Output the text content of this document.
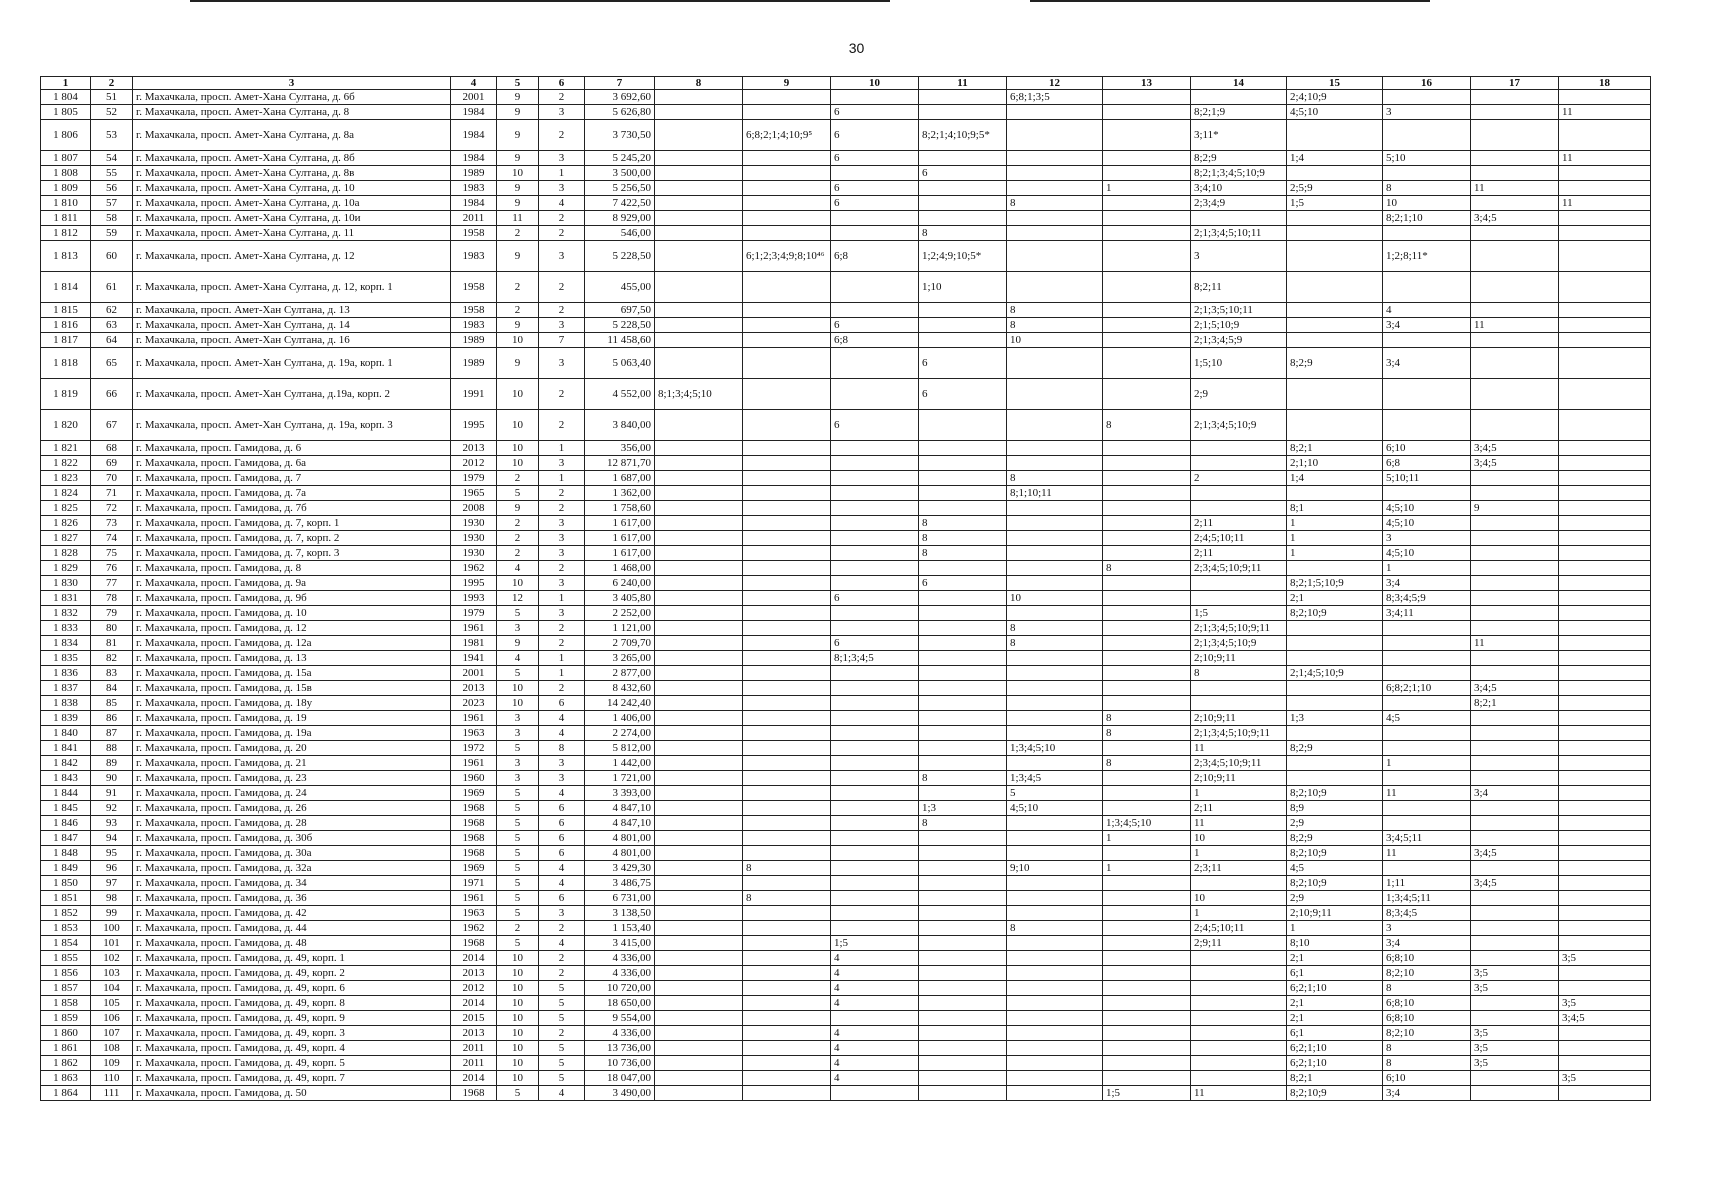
30
1	2	3	4	5	6	7	8	9	10	11	12	13	14	15	16	17	18
1 804	51	г. Махачкала, просп. Амет-Хана Султана, д. 6б	2001	9	2	3 692,60					6;8;1;3;5			2;4;10;9			
1 805	52	г. Махачкала, просп. Амет-Хана Султана, д. 8	1984	9	3	5 626,80			6				8;2;1;9	4;5;10	3		11
1 806	53	г. Махачкала, просп. Амет-Хана Султана, д. 8а	1984	9	2	3 730,50		6;8;2;1;4;10;9⁵	6	8;2;1;4;10;9;5*			3;11*				
1 807	54	г. Махачкала, просп. Амет-Хана Султана, д. 8б	1984	9	3	5 245,20			6				8;2;9	1;4	5;10		11
1 808	55	г. Махачкала, просп. Амет-Хана Султана, д. 8в	1989	10	1	3 500,00				6			8;2;1;3;4;5;10;9				
1 809	56	г. Махачкала, просп. Амет-Хана Султана, д. 10	1983	9	3	5 256,50			6			1	3;4;10	2;5;9	8	11	
1 810	57	г. Махачкала, просп. Амет-Хана Султана, д. 10а	1984	9	4	7 422,50			6		8		2;3;4;9	1;5	10		11
1 811	58	г. Махачкала, просп. Амет-Хана Султана, д. 10и	2011	11	2	8 929,00									8;2;1;10	3;4;5	
1 812	59	г. Махачкала, просп. Амет-Хана Султана, д. 11	1958	2	2	546,00				8			2;1;3;4;5;10;11				
1 813	60	г. Махачкала, просп. Амет-Хана Султана, д. 12	1983	9	3	5 228,50		6;1;2;3;4;9;8;10⁴⁶	6;8	1;2;4;9;10;5*			3		1;2;8;11*		
1 814	61	г. Махачкала, просп. Амет-Хана Султана, д. 12, корп. 1	1958	2	2	455,00				1;10			8;2;11				
1 815	62	г. Махачкала, просп. Амет-Хан Султана, д. 13	1958	2	2	697,50					8		2;1;3;5;10;11		4		
1 816	63	г. Махачкала, просп. Амет-Хан Султана, д. 14	1983	9	3	5 228,50			6		8		2;1;5;10;9		3;4	11	
1 817	64	г. Махачкала, просп. Амет-Хан Султана, д. 16	1989	10	7	11 458,60			6;8		10		2;1;3;4;5;9				
1 818	65	г. Махачкала, просп. Амет-Хан Султана, д. 19а, корп. 1	1989	9	3	5 063,40				6			1;5;10	8;2;9	3;4		
1 819	66	г. Махачкала, просп. Амет-Хан Султана, д.19а, корп. 2	1991	10	2	4 552,00	8;1;3;4;5;10			6			2;9				
1 820	67	г. Махачкала, просп. Амет-Хан Султана, д. 19а, корп. 3	1995	10	2	3 840,00			6			8	2;1;3;4;5;10;9				
1 821	68	г. Махачкала, просп. Гамидова, д. 6	2013	10	1	356,00								8;2;1	6;10	3;4;5	
1 822	69	г. Махачкала, просп. Гамидова, д. 6а	2012	10	3	12 871,70								2;1;10	6;8	3;4;5	
1 823	70	г. Махачкала, просп. Гамидова, д. 7	1979	2	1	1 687,00					8		2	1;4	5;10;11		
1 824	71	г. Махачкала, просп. Гамидова, д. 7а	1965	5	2	1 362,00					8;1;10;11						
1 825	72	г. Махачкала, просп. Гамидова, д. 7б	2008	9	2	1 758,60								8;1	4;5;10	9	
1 826	73	г. Махачкала, просп. Гамидова, д. 7, корп. 1	1930	2	3	1 617,00				8			2;11	1	4;5;10		
1 827	74	г. Махачкала, просп. Гамидова, д. 7, корп. 2	1930	2	3	1 617,00				8			2;4;5;10;11	1	3		
1 828	75	г. Махачкала, просп. Гамидова, д. 7, корп. 3	1930	2	3	1 617,00				8			2;11	1	4;5;10		
1 829	76	г. Махачкала, просп. Гамидова, д. 8	1962	4	2	1 468,00						8	2;3;4;5;10;9;11		1		
1 830	77	г. Махачкала, просп. Гамидова, д. 9а	1995	10	3	6 240,00				6				8;2;1;5;10;9	3;4		
1 831	78	г. Махачкала, просп. Гамидова, д. 9б	1993	12	1	3 405,80			6		10			2;1	8;3;4;5;9		
1 832	79	г. Махачкала, просп. Гамидова, д. 10	1979	5	3	2 252,00							1;5	8;2;10;9	3;4;11		
1 833	80	г. Махачкала, просп. Гамидова, д. 12	1961	3	2	1 121,00					8		2;1;3;4;5;10;9;11				
1 834	81	г. Махачкала, просп. Гамидова, д. 12а	1981	9	2	2 709,70			6		8		2;1;3;4;5;10;9			11	
1 835	82	г. Махачкала, просп. Гамидова, д. 13	1941	4	1	3 265,00			8;1;3;4;5				2;10;9;11				
1 836	83	г. Махачкала, просп. Гамидова, д. 15а	2001	5	1	2 877,00							8	2;1;4;5;10;9			
1 837	84	г. Махачкала, просп. Гамидова, д. 15в	2013	10	2	8 432,60									6;8;2;1;10	3;4;5	
1 838	85	г. Махачкала, просп. Гамидова, д. 18у	2023	10	6	14 242,40										8;2;1	
1 839	86	г. Махачкала, просп. Гамидова, д. 19	1961	3	4	1 406,00						8	2;10;9;11	1;3	4;5		
1 840	87	г. Махачкала, просп. Гамидова, д. 19а	1963	3	4	2 274,00						8	2;1;3;4;5;10;9;11				
1 841	88	г. Махачкала, просп. Гамидова, д. 20	1972	5	8	5 812,00					1;3;4;5;10		11	8;2;9			
1 842	89	г. Махачкала, просп. Гамидова, д. 21	1961	3	3	1 442,00						8	2;3;4;5;10;9;11		1		
1 843	90	г. Махачкала, просп. Гамидова, д. 23	1960	3	3	1 721,00				8	1;3;4;5		2;10;9;11				
1 844	91	г. Махачкала, просп. Гамидова, д. 24	1969	5	4	3 393,00					5		1	8;2;10;9	11	3;4	
1 845	92	г. Махачкала, просп. Гамидова, д. 26	1968	5	6	4 847,10				1;3	4;5;10		2;11	8;9			
1 846	93	г. Махачкала, просп. Гамидова, д. 28	1968	5	6	4 847,10				8		1;3;4;5;10	11	2;9			
1 847	94	г. Махачкала, просп. Гамидова, д. 30б	1968	5	6	4 801,00						1	10	8;2;9	3;4;5;11		
1 848	95	г. Махачкала, просп. Гамидова, д. 30а	1968	5	6	4 801,00							1	8;2;10;9	11	3;4;5	
1 849	96	г. Махачкала, просп. Гамидова, д. 32а	1969	5	4	3 429,30		8			9;10	1	2;3;11	4;5			
1 850	97	г. Махачкала, просп. Гамидова, д. 34	1971	5	4	3 486,75								8;2;10;9	1;11	3;4;5	
1 851	98	г. Махачкала, просп. Гамидова, д. 36	1961	5	6	6 731,00		8					10	2;9	1;3;4;5;11		
1 852	99	г. Махачкала, просп. Гамидова, д. 42	1963	5	3	3 138,50							1	2;10;9;11	8;3;4;5		
1 853	100	г. Махачкала, просп. Гамидова, д. 44	1962	2	2	1 153,40					8		2;4;5;10;11	1	3		
1 854	101	г. Махачкала, просп. Гамидова, д. 48	1968	5	4	3 415,00			1;5				2;9;11	8;10	3;4		
1 855	102	г. Махачкала, просп. Гамидова, д. 49, корп. 1	2014	10	2	4 336,00			4					2;1	6;8;10		3;5
1 856	103	г. Махачкала, просп. Гамидова, д. 49, корп. 2	2013	10	2	4 336,00			4					6;1	8;2;10	3;5	
1 857	104	г. Махачкала, просп. Гамидова, д. 49, корп. 6	2012	10	5	10 720,00			4					6;2;1;10	8	3;5	
1 858	105	г. Махачкала, просп. Гамидова, д. 49, корп. 8	2014	10	5	18 650,00			4					2;1	6;8;10		3;5
1 859	106	г. Махачкала, просп. Гамидова, д. 49, корп. 9	2015	10	5	9 554,00								2;1	6;8;10		3;4;5
1 860	107	г. Махачкала, просп. Гамидова, д. 49, корп. 3	2013	10	2	4 336,00			4					6;1	8;2;10	3;5	
1 861	108	г. Махачкала, просп. Гамидова, д. 49, корп. 4	2011	10	5	13 736,00			4					6;2;1;10	8	3;5	
1 862	109	г. Махачкала, просп. Гамидова, д. 49, корп. 5	2011	10	5	10 736,00			4					6;2;1;10	8	3;5	
1 863	110	г. Махачкала, просп. Гамидова, д. 49, корп. 7	2014	10	5	18 047,00			4					8;2;1	6;10		3;5
1 864	111	г. Махачкала, просп. Гамидова, д. 50	1968	5	4	3 490,00						1;5	11	8;2;10;9	3;4		
